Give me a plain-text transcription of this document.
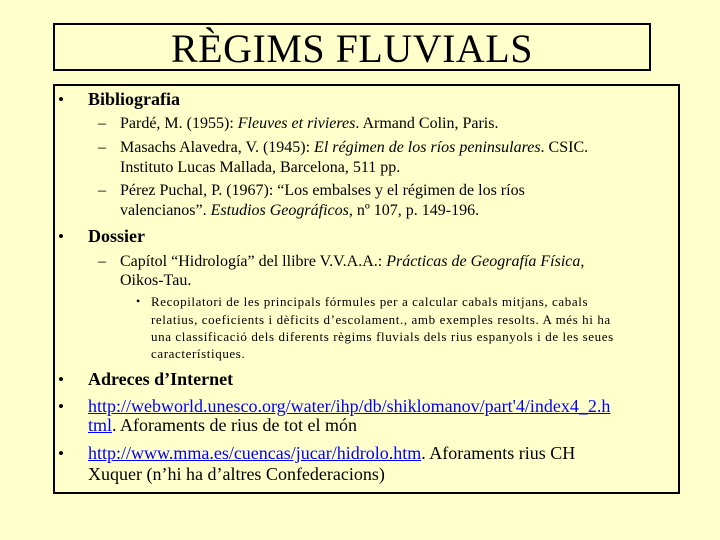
RÈGIMS FLUVIALS
• Bibliografia
– Pardé, M. (1955): Fleuves et rivieres. Armand Colin, Paris.
– Masachs Alavedra, V. (1945): El régimen de los ríos peninsulares. CSIC.
Instituto Lucas Mallada, Barcelona, 511 pp.
– Pérez Puchal, P. (1967): “Los embalses y el régimen de los ríos
valencianos”. Estudios Geográficos, nº 107, p. 149-196.
• Dossier
– Capítol “Hidrología” del llibre V.V.A.A.: Prácticas de Geografía Física,
Oikos-Tau.
• Recopilatori de les principals fórmules per a calcular cabals mitjans, cabals
relatius, coeficients i dèficits d’escolament., amb exemples resolts. A més hi ha
una classificació dels diferents règims fluvials dels rius espanyols i de les seues
característiques.
• Adreces d’Internet
• http://webworld.unesco.org/water/ihp/db/shiklomanov/part'4/index4_2.h
tml. Aforaments de rius de tot el món
• http://www.mma.es/cuencas/jucar/hidrolo.htm. Aforaments rius CH
Xuquer (n’hi ha d’altres Confederacions)
